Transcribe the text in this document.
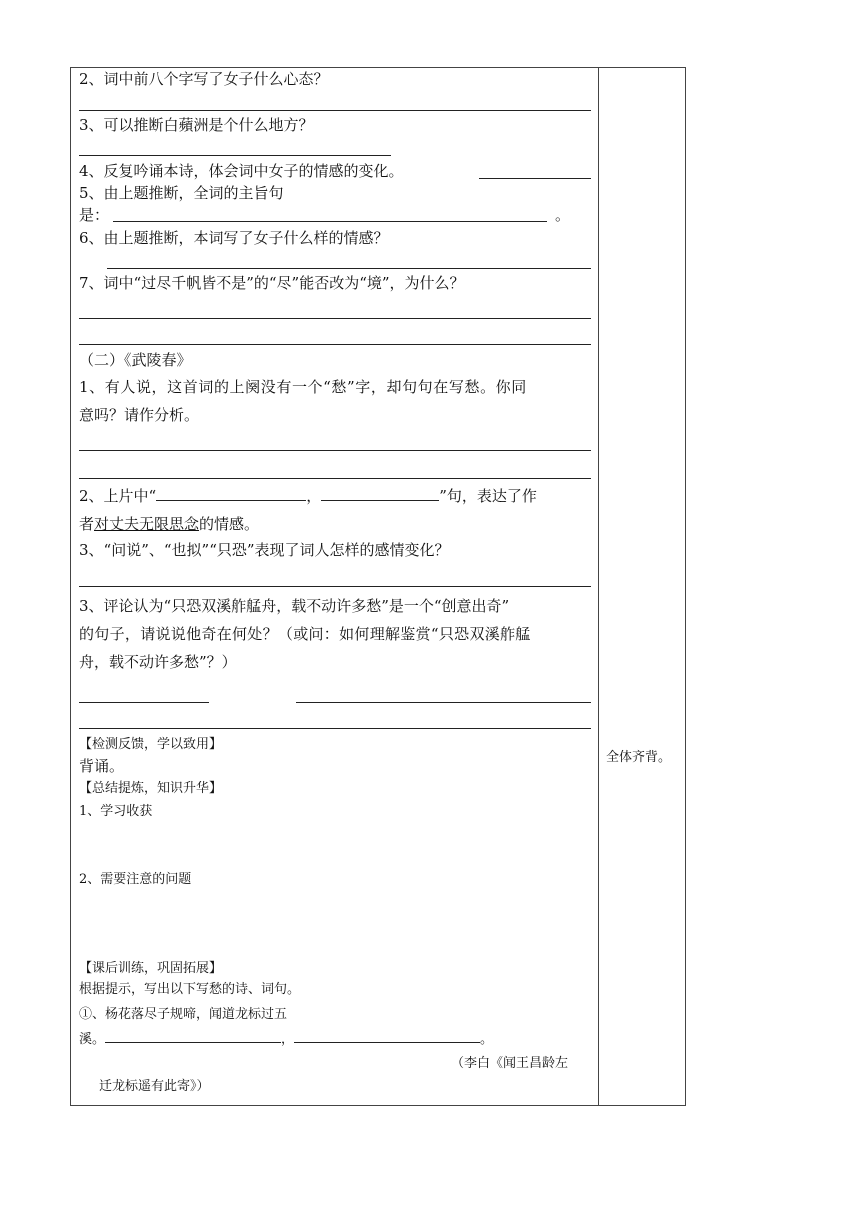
2、词中前八个字写了女子什么心态？
3、可以推断白蘋洲是个什么地方？
4、反复吟诵本诗，体会词中女子的情感的变化。
5、由上题推断，全词的主旨句
是：	。
6、由上题推断，本词写了女子什么样的情感？
7、词中“过尽千帆皆不是”的“尽”能否改为“境”，为什么？
（二）《武陵春》
1、有人说，这首词的上阕没有一个“愁”字，却句句在写愁。你同
意吗？请作分析。
2、上片中“	，	”句，表达了作
者对丈夫无限思念的情感。
3、“问说”、“也拟”“只恐”表现了词人怎样的感情变化？
3、评论认为“只恐双溪舴艋舟，载不动许多愁”是一个“创意出奇”
的句子，请说说他奇在何处？（或问：如何理解鉴赏“只恐双溪舴艋
舟，载不动许多愁”？）
【检测反馈，学以致用】
背诵。
【总结提炼，知识升华】
1、学习收获
2、需要注意的问题
【课后训练，巩固拓展】
根据提示，写出以下写愁的诗、词句。
①、杨花落尽子规啼，闻道龙标过五
溪。	，	。
（李白《闻王昌龄左
迁龙标遥有此寄》）
全体齐背。
